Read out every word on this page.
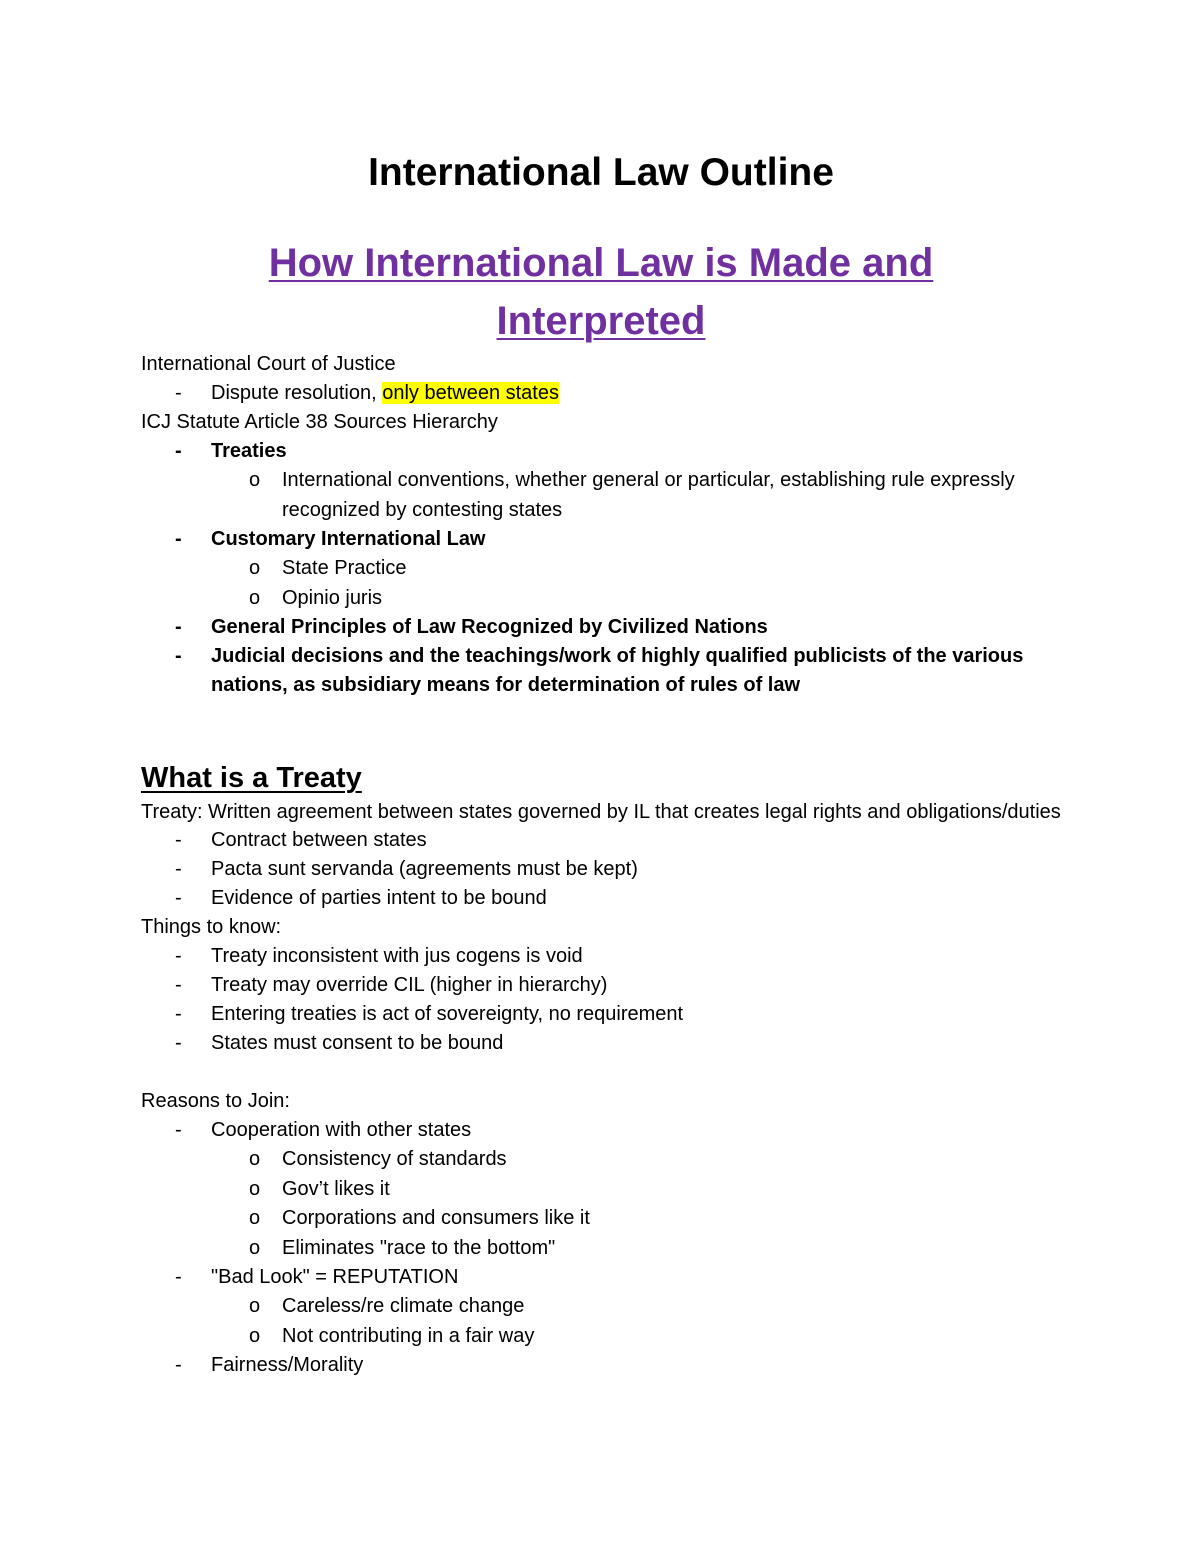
International Law Outline
How International Law is Made and
Interpreted
International Court of Justice
- Dispute resolution, only between states
ICJ Statute Article 38 Sources Hierarchy
- Treaties
o International conventions, whether general or particular, establishing rule expressly recognized by contesting states
- Customary International Law
o State Practice
o Opinio juris
- General Principles of Law Recognized by Civilized Nations
- Judicial decisions and the teachings/work of highly qualified publicists of the various nations, as subsidiary means for determination of rules of law
What is a Treaty
Treaty: Written agreement between states governed by IL that creates legal rights and obligations/duties
- Contract between states
- Pacta sunt servanda (agreements must be kept)
- Evidence of parties intent to be bound
Things to know:
- Treaty inconsistent with jus cogens is void
- Treaty may override CIL (higher in hierarchy)
- Entering treaties is act of sovereignty, no requirement
- States must consent to be bound
Reasons to Join:
- Cooperation with other states
o Consistency of standards
o Gov’t likes it
o Corporations and consumers like it
o Eliminates "race to the bottom"
- "Bad Look" = REPUTATION
o Careless/re climate change
o Not contributing in a fair way
- Fairness/Morality
